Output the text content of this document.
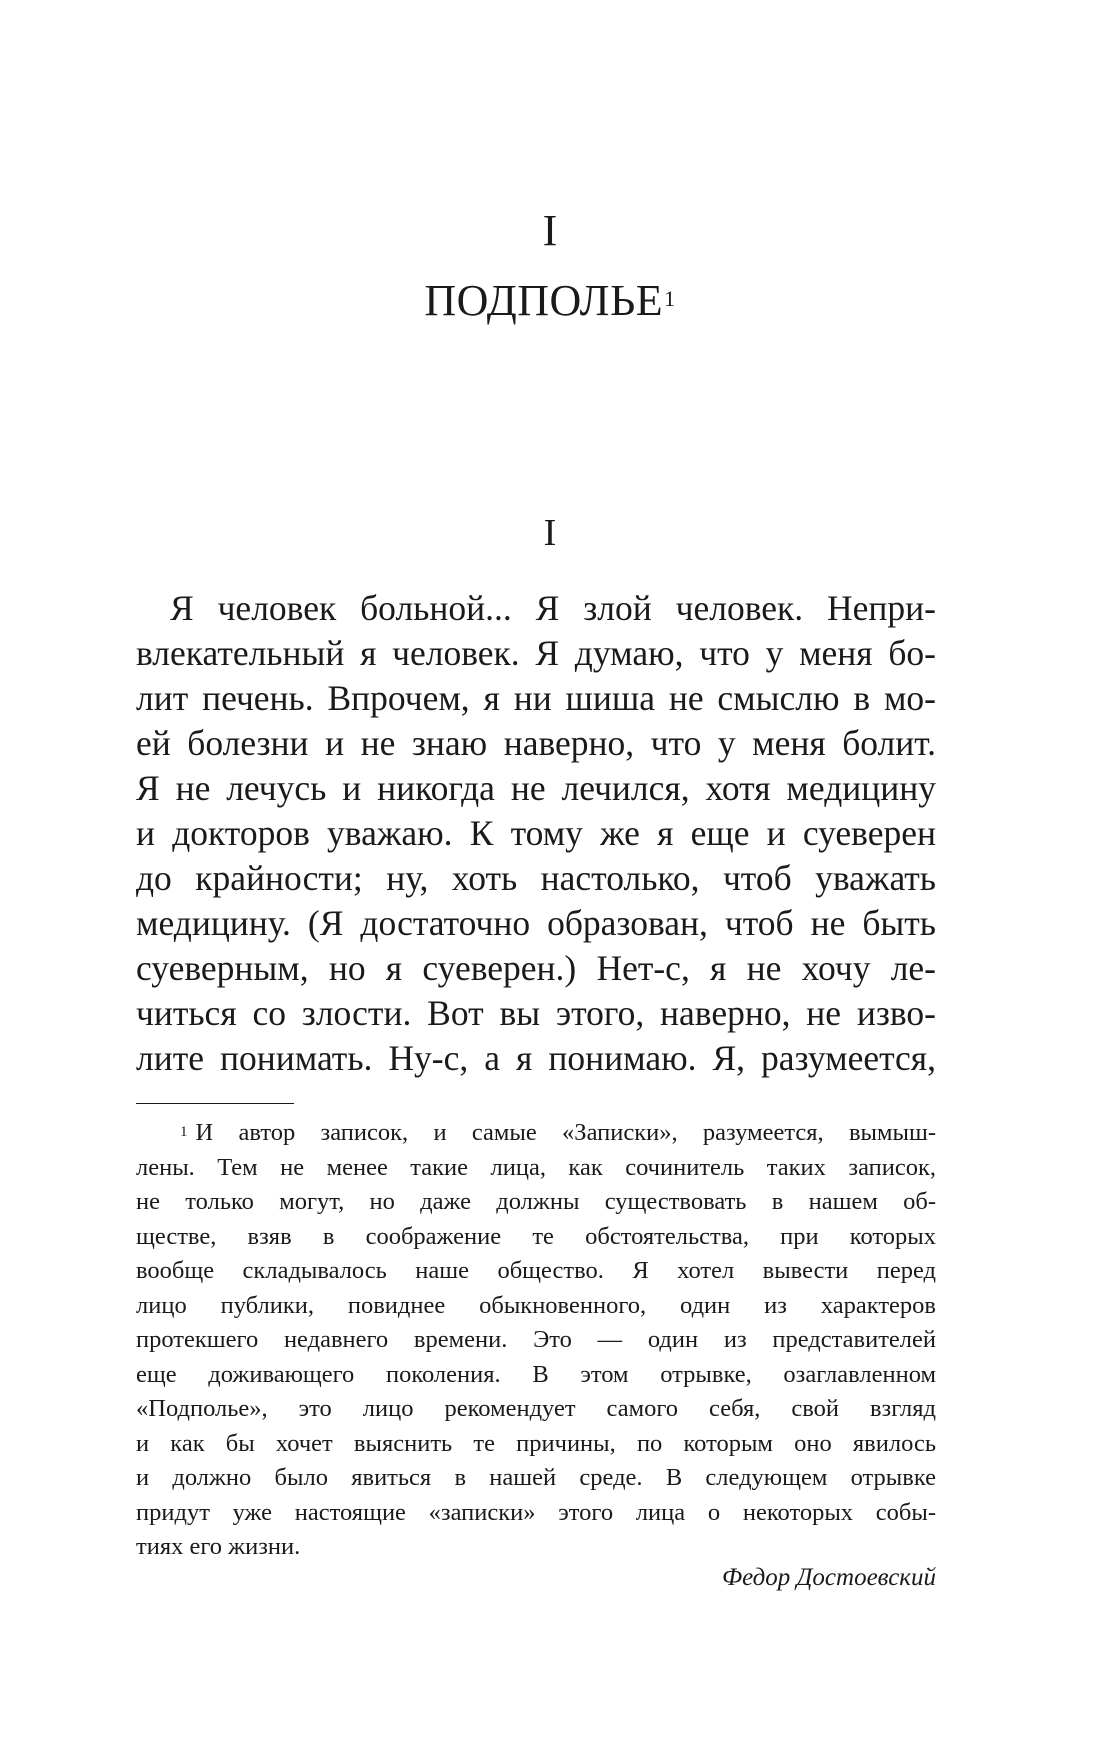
I
ПОДПОЛЬЕ$^1$
I
Я человек больной... Я злой человек. Непри-
влекательный я человек. Я думаю, что у меня бо-
лит печень. Впрочем, я ни шиша не смыслю в мо-
ей болезни и не знаю наверно, что у меня болит.
Я не лечусь и никогда не лечился, хотя медицину
и докторов уважаю. К тому же я еще и суеверен
до крайности; ну, хоть настолько, чтоб уважать
медицину. (Я достаточно образован, чтоб не быть
суеверным, но я суеверен.) Нет-с, я не хочу ле-
читься со злости. Вот вы этого, наверно, не изво-
лите понимать. Ну-с, а я понимаю. Я, разумеется,
$^1$ И автор записок, и самые «Записки», разумеется, вымыш-
лены. Тем не менее такие лица, как сочинитель таких записок,
не только могут, но даже должны существовать в нашем об-
ществе, взяв в соображение те обстоятельства, при которых
вообще складывалось наше общество. Я хотел вывести перед
лицо публики, повиднее обыкновенного, один из характеров
протекшего недавнего времени. Это — один из представителей
еще доживающего поколения. В этом отрывке, озаглавленном
«Подполье», это лицо рекомендует самого себя, свой взгляд
и как бы хочет выяснить те причины, по которым оно явилось
и должно было явиться в нашей среде. В следующем отрывке
придут уже настоящие «записки» этого лица о некоторых собы-
тиях его жизни.
Федор Достоевский
